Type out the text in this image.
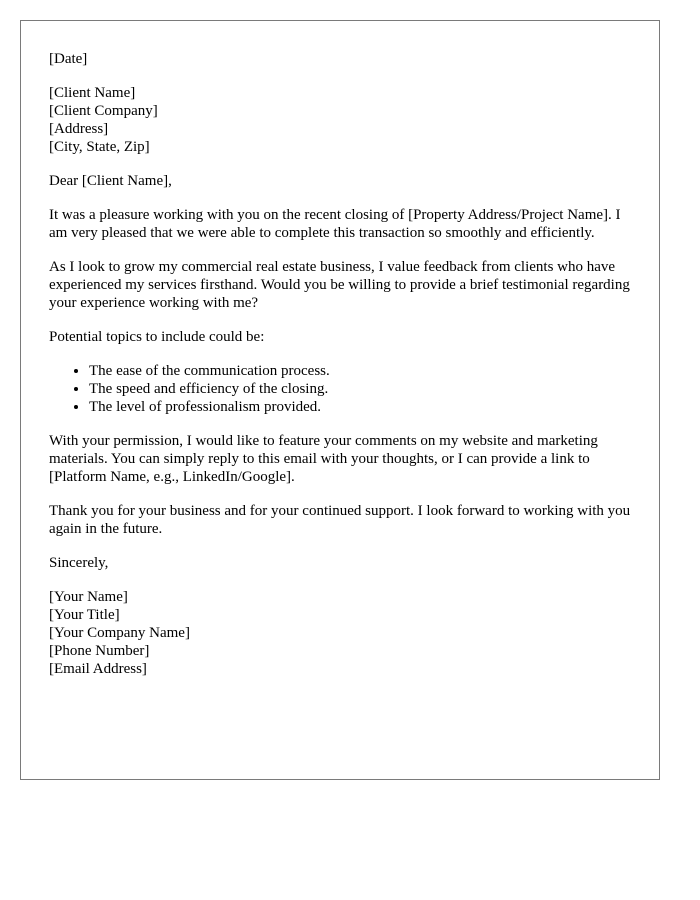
[Date]
[Client Name]
[Client Company]
[Address]
[City, State, Zip]

Dear [Client Name],

It was a pleasure working with you on the recent closing of [Property Address/Project Name]. I am very pleased that we were able to complete this transaction so smoothly and efficiently.

As I look to grow my commercial real estate business, I value feedback from clients who have experienced my services firsthand. Would you be willing to provide a brief testimonial regarding your experience working with me?

Potential topics to include could be:

• The ease of the communication process.
• The speed and efficiency of the closing.
• The level of professionalism provided.

With your permission, I would like to feature your comments on my website and marketing materials. You can simply reply to this email with your thoughts, or I can provide a link to [Platform Name, e.g., LinkedIn/Google].

Thank you for your business and for your continued support. I look forward to working with you again in the future.

Sincerely,

[Your Name]
[Your Title]
[Your Company Name]
[Phone Number]
[Email Address]
